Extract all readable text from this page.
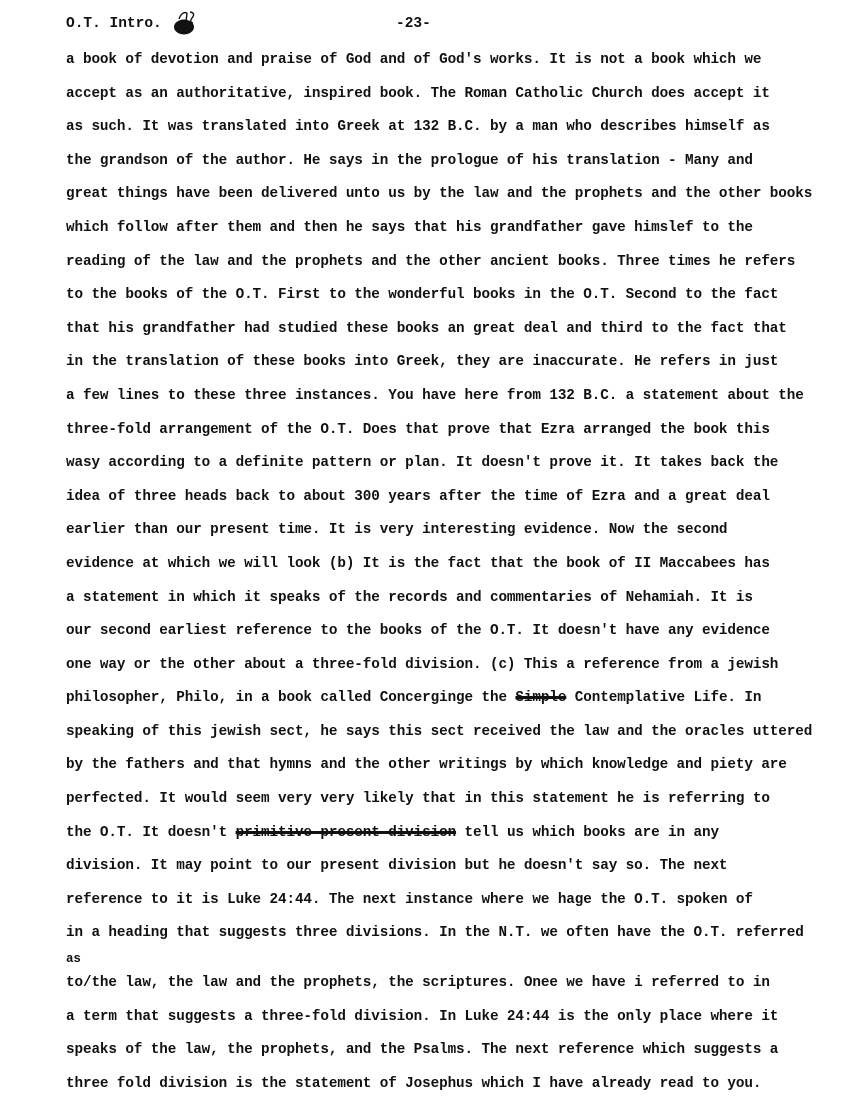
O.T. Intro.	-23-
a book of devotion and praise of God and of God's works. It is not a book which we
accept as an authoritative, inspired book. The Roman Catholic Church does accept it
as such. It was translated into Greek at 132 B.C. by a man who describes himself as
the grandson of the author. He says in the prologue of his translation - Many and
great things have been delivered unto us by the law and the prophets and the other books
which follow after them and then he says that his grandfather gave himslef to the
reading of the law and the prophets and the other ancient books. Three times he refers
to the books of the O.T. First to the wonderful books in the O.T. Second to the fact
that his grandfather had studied these books an great deal and third to the fact that
in the translation of these books into Greek, they are inaccurate. He refers in just
a few lines to these three instances. You have here from 132 B.C. a statement about the
three-fold arrangement of the O.T. Does that prove that Ezra arranged the book this
wasy according to a definite pattern or plan. It doesn't prove it. It takes back the
idea of three heads back to about 300 years after the time of Ezra and a great deal
earlier than our present time. It is very interesting evidence. Now the second
evidence at which we will look (b) It is the fact that the book of II Maccabees has
a statement in which it speaks of the records and commentaries of Nehamiah. It is
our second earliest reference to the books of the O.T. It doesn't have any evidence
one way or the other about a three-fold division. (c) This a reference from a jewish
philosopher, Philo, in a book called Concerginge the Simple Contemplative Life. In
speaking of this jewish sect, he says this sect received the law and the oracles uttered
by the fathers and that hymns and the other writings by which knowledge and piety are
perfected. It would seem very very likely that in this statement he is referring to
the O.T. It doesn't primitive present division tell us which books are in any
division. It may point to our present division but he doesn't say so. The next
reference to it is Luke 24:44. The next instance where we hage the O.T. spoken of
in a heading that suggests three divisions. In the N.T. we often have the O.T. referred
as
to/the law, the law and the prophets, the scriptures. Onee we have i referred to in
a term that suggests a three-fold division. In Luke 24:44 is the only place where it
speaks of the law, the prophets, and the Psalms. The next reference which suggests a
three fold division is the statement of Josephus which I have already read to you.
